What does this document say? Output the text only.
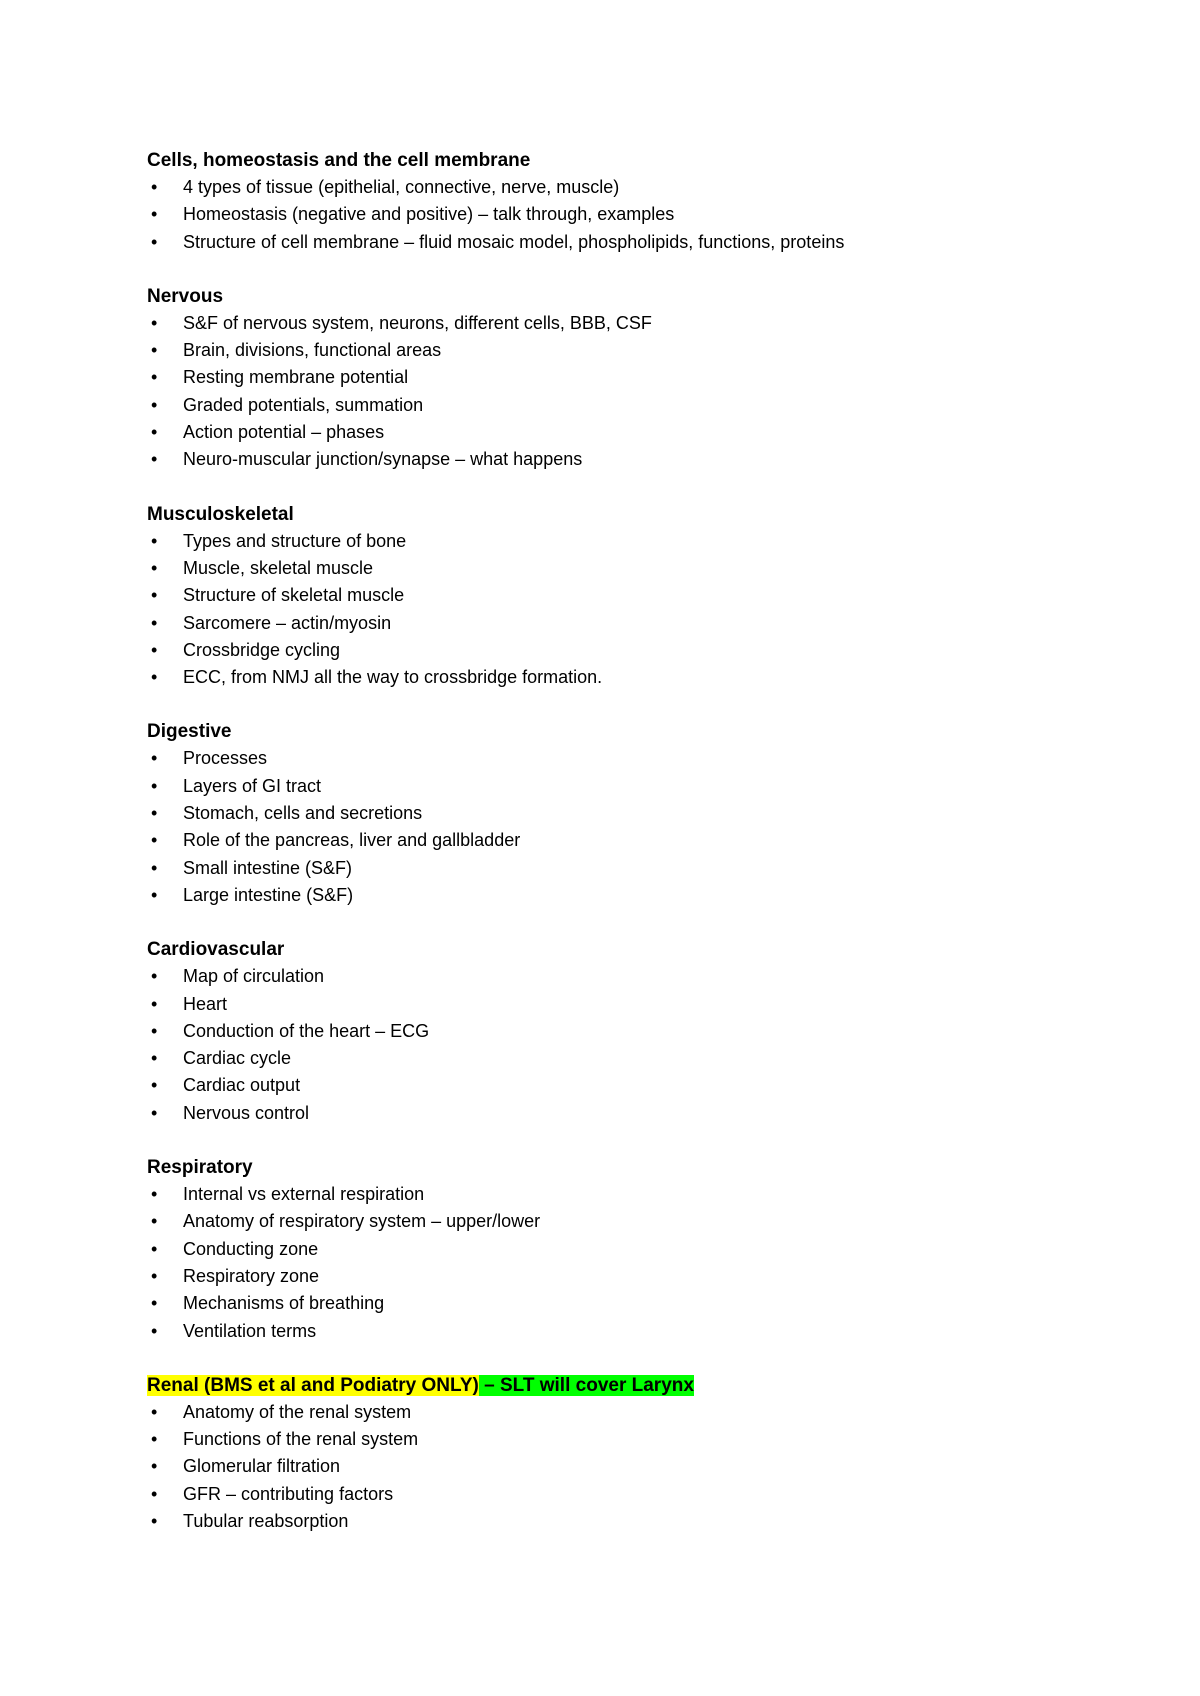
Cells, homeostasis and the cell membrane
• 4 types of tissue (epithelial, connective, nerve, muscle)
• Homeostasis (negative and positive) – talk through, examples
• Structure of cell membrane – fluid mosaic model, phospholipids, functions, proteins
Nervous
• S&F of nervous system, neurons, different cells, BBB, CSF
• Brain, divisions, functional areas
• Resting membrane potential
• Graded potentials, summation
• Action potential – phases
• Neuro-muscular junction/synapse – what happens
Musculoskeletal
• Types and structure of bone
• Muscle, skeletal muscle
• Structure of skeletal muscle
• Sarcomere – actin/myosin
• Crossbridge cycling
• ECC, from NMJ all the way to crossbridge formation.
Digestive
• Processes
• Layers of GI tract
• Stomach, cells and secretions
• Role of the pancreas, liver and gallbladder
• Small intestine (S&F)
• Large intestine (S&F)
Cardiovascular
• Map of circulation
• Heart
• Conduction of the heart – ECG
• Cardiac cycle
• Cardiac output
• Nervous control
Respiratory
• Internal vs external respiration
• Anatomy of respiratory system – upper/lower
• Conducting zone
• Respiratory zone
• Mechanisms of breathing
• Ventilation terms
Renal (BMS et al and Podiatry ONLY) – SLT will cover Larynx
• Anatomy of the renal system
• Functions of the renal system
• Glomerular filtration
• GFR – contributing factors
• Tubular reabsorption
